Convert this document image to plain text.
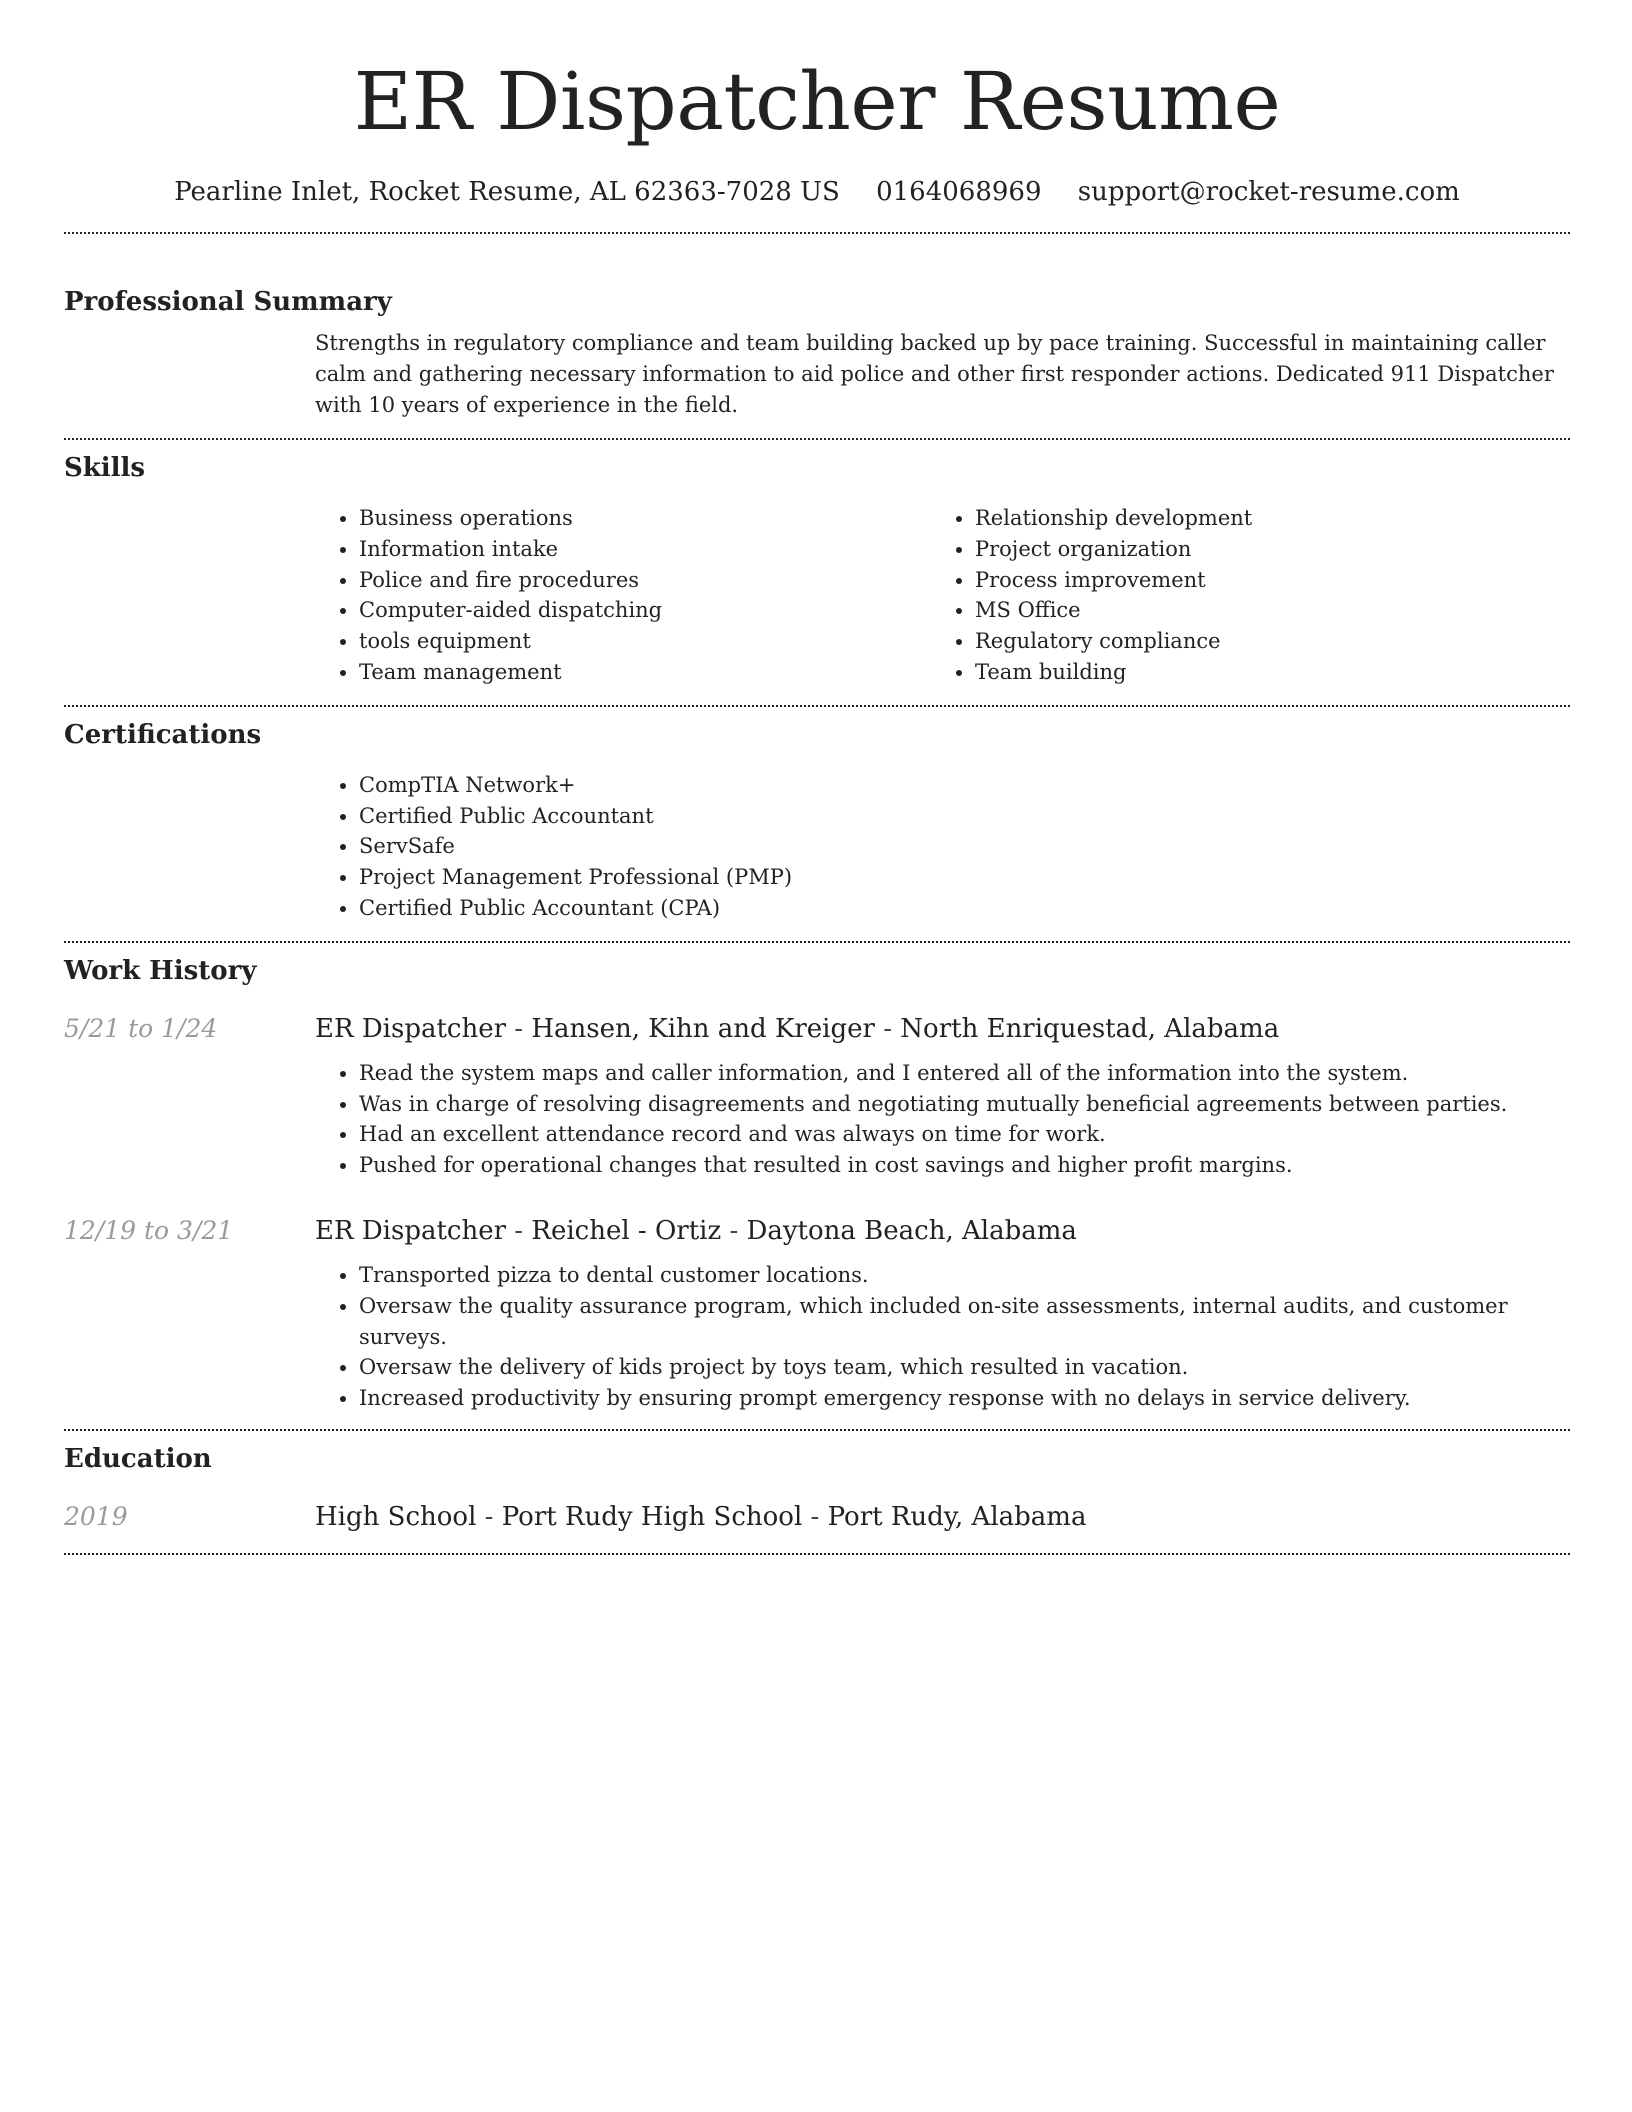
ER Dispatcher Resume
Pearline Inlet, Rocket Resume, AL 62363-7028 US 0164068969 support@rocket-resume.com
Professional Summary

Strengths in regulatory compliance and team building backed up by pace training. Successful in maintaining caller calm and gathering necessary information to aid police and other first responder actions. Dedicated 911 Dispatcher with 10 years of experience in the field.

Skills
• Business operations
• Information intake
• Police and fire procedures
• Computer-aided dispatching
• tools equipment
• Team management
• Relationship development
• Project organization
• Process improvement
• MS Office
• Regulatory compliance
• Team building
Certifications
• CompTIA Network+
• Certified Public Accountant
• ServSafe
• Project Management Professional (PMP)
• Certified Public Accountant (CPA)
Work History
5/21 to 1/24	ER Dispatcher - Hansen, Kihn and Kreiger - North Enriquestad, Alabama
• Read the system maps and caller information, and I entered all of the information into the system.
• Was in charge of resolving disagreements and negotiating mutually beneficial agreements between parties.
• Had an excellent attendance record and was always on time for work.
• Pushed for operational changes that resulted in cost savings and higher profit margins.
12/19 to 3/21	ER Dispatcher - Reichel - Ortiz - Daytona Beach, Alabama
• Transported pizza to dental customer locations.
• Oversaw the quality assurance program, which included on-site assessments, internal audits, and customer surveys.
• Oversaw the delivery of kids project by toys team, which resulted in vacation.
• Increased productivity by ensuring prompt emergency response with no delays in service delivery.
Education
2019	High School - Port Rudy High School - Port Rudy, Alabama
